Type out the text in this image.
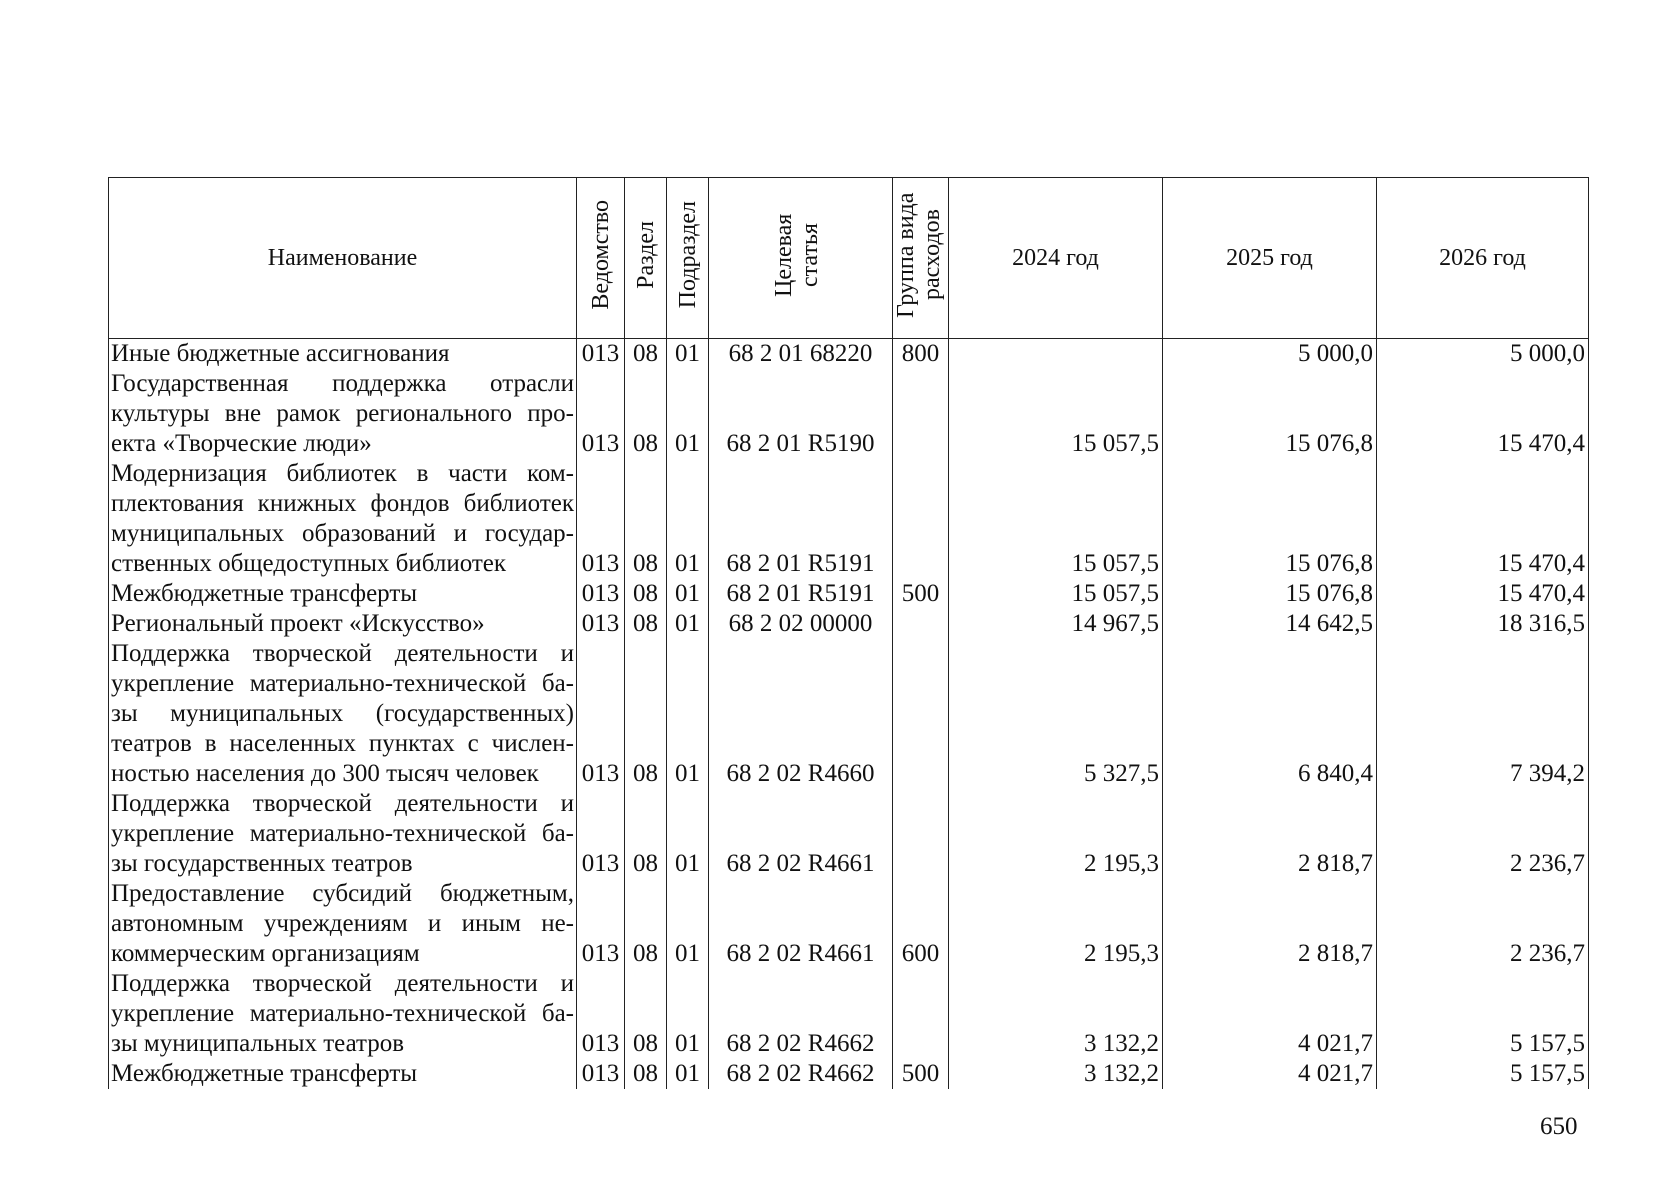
Наименование	Ведомство	Раздел	Подраздел	Целевая статья	Группа вида расходов	2024 год	2025 год	2026 год
Иные бюджетные ассигнования	013	08	01	68 2 01 68220	800		5 000,0	5 000,0
Государственная поддержка отрасли культуры вне рамок регионального про-екта «Творческие люди»	013	08	01	68 2 01 R5190		15 057,5	15 076,8	15 470,4
Модернизация библиотек в части ком-плектования книжных фондов библиотек муниципальных образований и государ-ственных общедоступных библиотек	013	08	01	68 2 01 R5191		15 057,5	15 076,8	15 470,4
Межбюджетные трансферты	013	08	01	68 2 01 R5191	500	15 057,5	15 076,8	15 470,4
Региональный проект «Искусство»	013	08	01	68 2 02 00000		14 967,5	14 642,5	18 316,5
Поддержка творческой деятельности и укрепление материально-технической ба-зы муниципальных (государственных) театров в населенных пунктах с числен-ностью населения до 300 тысяч человек	013	08	01	68 2 02 R4660		5 327,5	6 840,4	7 394,2
Поддержка творческой деятельности и укрепление материально-технической ба-зы государственных театров	013	08	01	68 2 02 R4661		2 195,3	2 818,7	2 236,7
Предоставление субсидий бюджетным, автономным учреждениям и иным не-коммерческим организациям	013	08	01	68 2 02 R4661	600	2 195,3	2 818,7	2 236,7
Поддержка творческой деятельности и укрепление материально-технической ба-зы муниципальных театров	013	08	01	68 2 02 R4662		3 132,2	4 021,7	5 157,5
Межбюджетные трансферты	013	08	01	68 2 02 R4662	500	3 132,2	4 021,7	5 157,5
650
